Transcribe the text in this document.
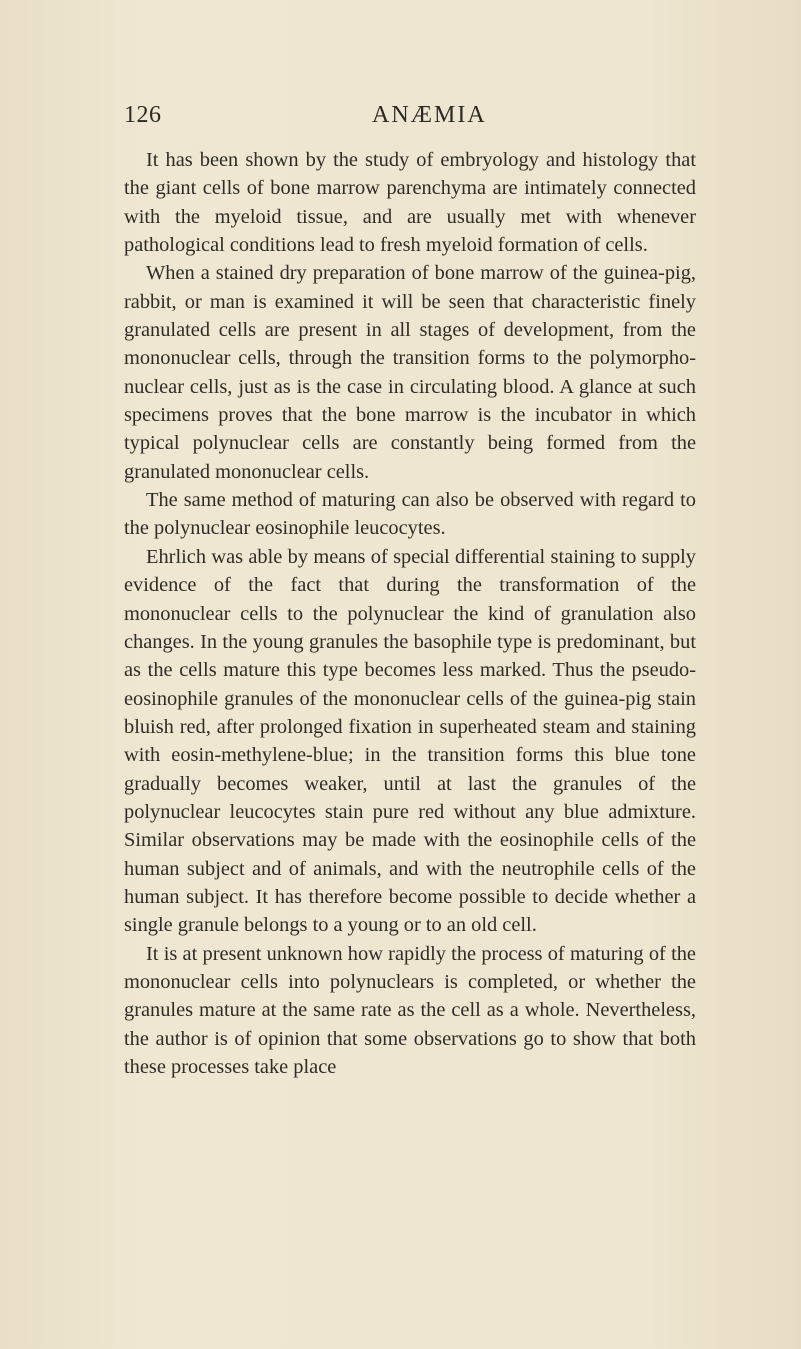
126	ANÆMIA

It has been shown by the study of embryology and histology that the giant cells of bone marrow parenchyma are intimately connected with the myeloid tissue, and are usually met with whenever pathological conditions lead to fresh myeloid formation of cells.

When a stained dry preparation of bone marrow of the guinea-pig, rabbit, or man is examined it will be seen that characteristic finely granulated cells are present in all stages of development, from the mononuclear cells, through the transition forms to the polymorpho-nuclear cells, just as is the case in circulating blood. A glance at such specimens proves that the bone marrow is the incubator in which typical polynuclear cells are constantly being formed from the granulated mononuclear cells.

The same method of maturing can also be observed with regard to the polynuclear eosinophile leucocytes.

Ehrlich was able by means of special differential staining to supply evidence of the fact that during the transformation of the mononuclear cells to the polynuclear the kind of granulation also changes. In the young granules the basophile type is predominant, but as the cells mature this type becomes less marked. Thus the pseudo-eosinophile granules of the mononuclear cells of the guinea-pig stain bluish red, after prolonged fixation in superheated steam and staining with eosin-methylene-blue; in the transition forms this blue tone gradually becomes weaker, until at last the granules of the polynuclear leucocytes stain pure red without any blue admixture. Similar observations may be made with the eosinophile cells of the human subject and of animals, and with the neutrophile cells of the human subject. It has therefore become possible to decide whether a single granule belongs to a young or to an old cell.

It is at present unknown how rapidly the process of maturing of the mononuclear cells into polynuclears is completed, or whether the granules mature at the same rate as the cell as a whole. Nevertheless, the author is of opinion that some observations go to show that both these processes take place
